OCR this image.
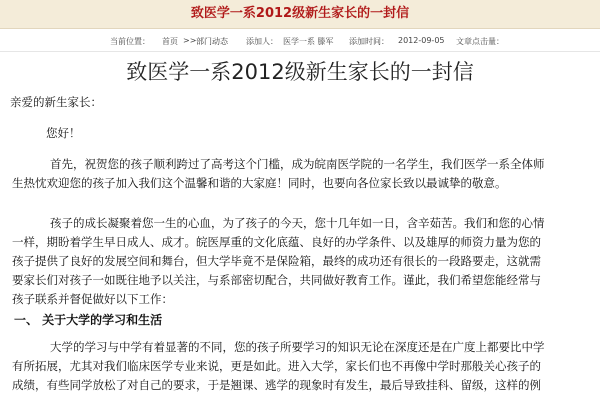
致医学一系2012级新生家长的一封信
当前位置： 首页 >> 部门动态 添加人： 医学一系 滕军 添加时间： 2012-09-05 文章点击量：
致医学一系2012级新生家长的一封信
亲爱的新生家长：
您好！
首先，祝贺您的孩子顺利跨过了高考这个门槛，成为皖南医学院的一名学生，我们医学一系全体师
生热忱欢迎您的孩子加入我们这个温馨和谐的大家庭！同时，也要向各位家长致以最诚挚的敬意。
孩子的成长凝聚着您一生的心血，为了孩子的今天，您十几年如一日，含辛茹苦。我们和您的心情
一样，期盼着学生早日成人、成才。皖医厚重的文化底蕴、良好的办学条件、以及雄厚的师资力量为您的
孩子提供了良好的发展空间和舞台，但大学毕竟不是保险箱，最终的成功还有很长的一段路要走，这就需
要家长们对孩子一如既往地予以关注，与系部密切配合，共同做好教育工作。谨此，我们希望您能经常与
孩子联系并督促做好以下工作：
一、 关于大学的学习和生活
大学的学习与中学有着显著的不同，您的孩子所要学习的知识无论在深度还是在广度上都要比中学
有所拓展，尤其对我们临床医学专业来说，更是如此。进入大学，家长们也不再像中学时那般关心孩子的
成绩，有些同学放松了对自己的要求，于是翘课、逃学的现象时有发生，最后导致挂科、留级，这样的例
